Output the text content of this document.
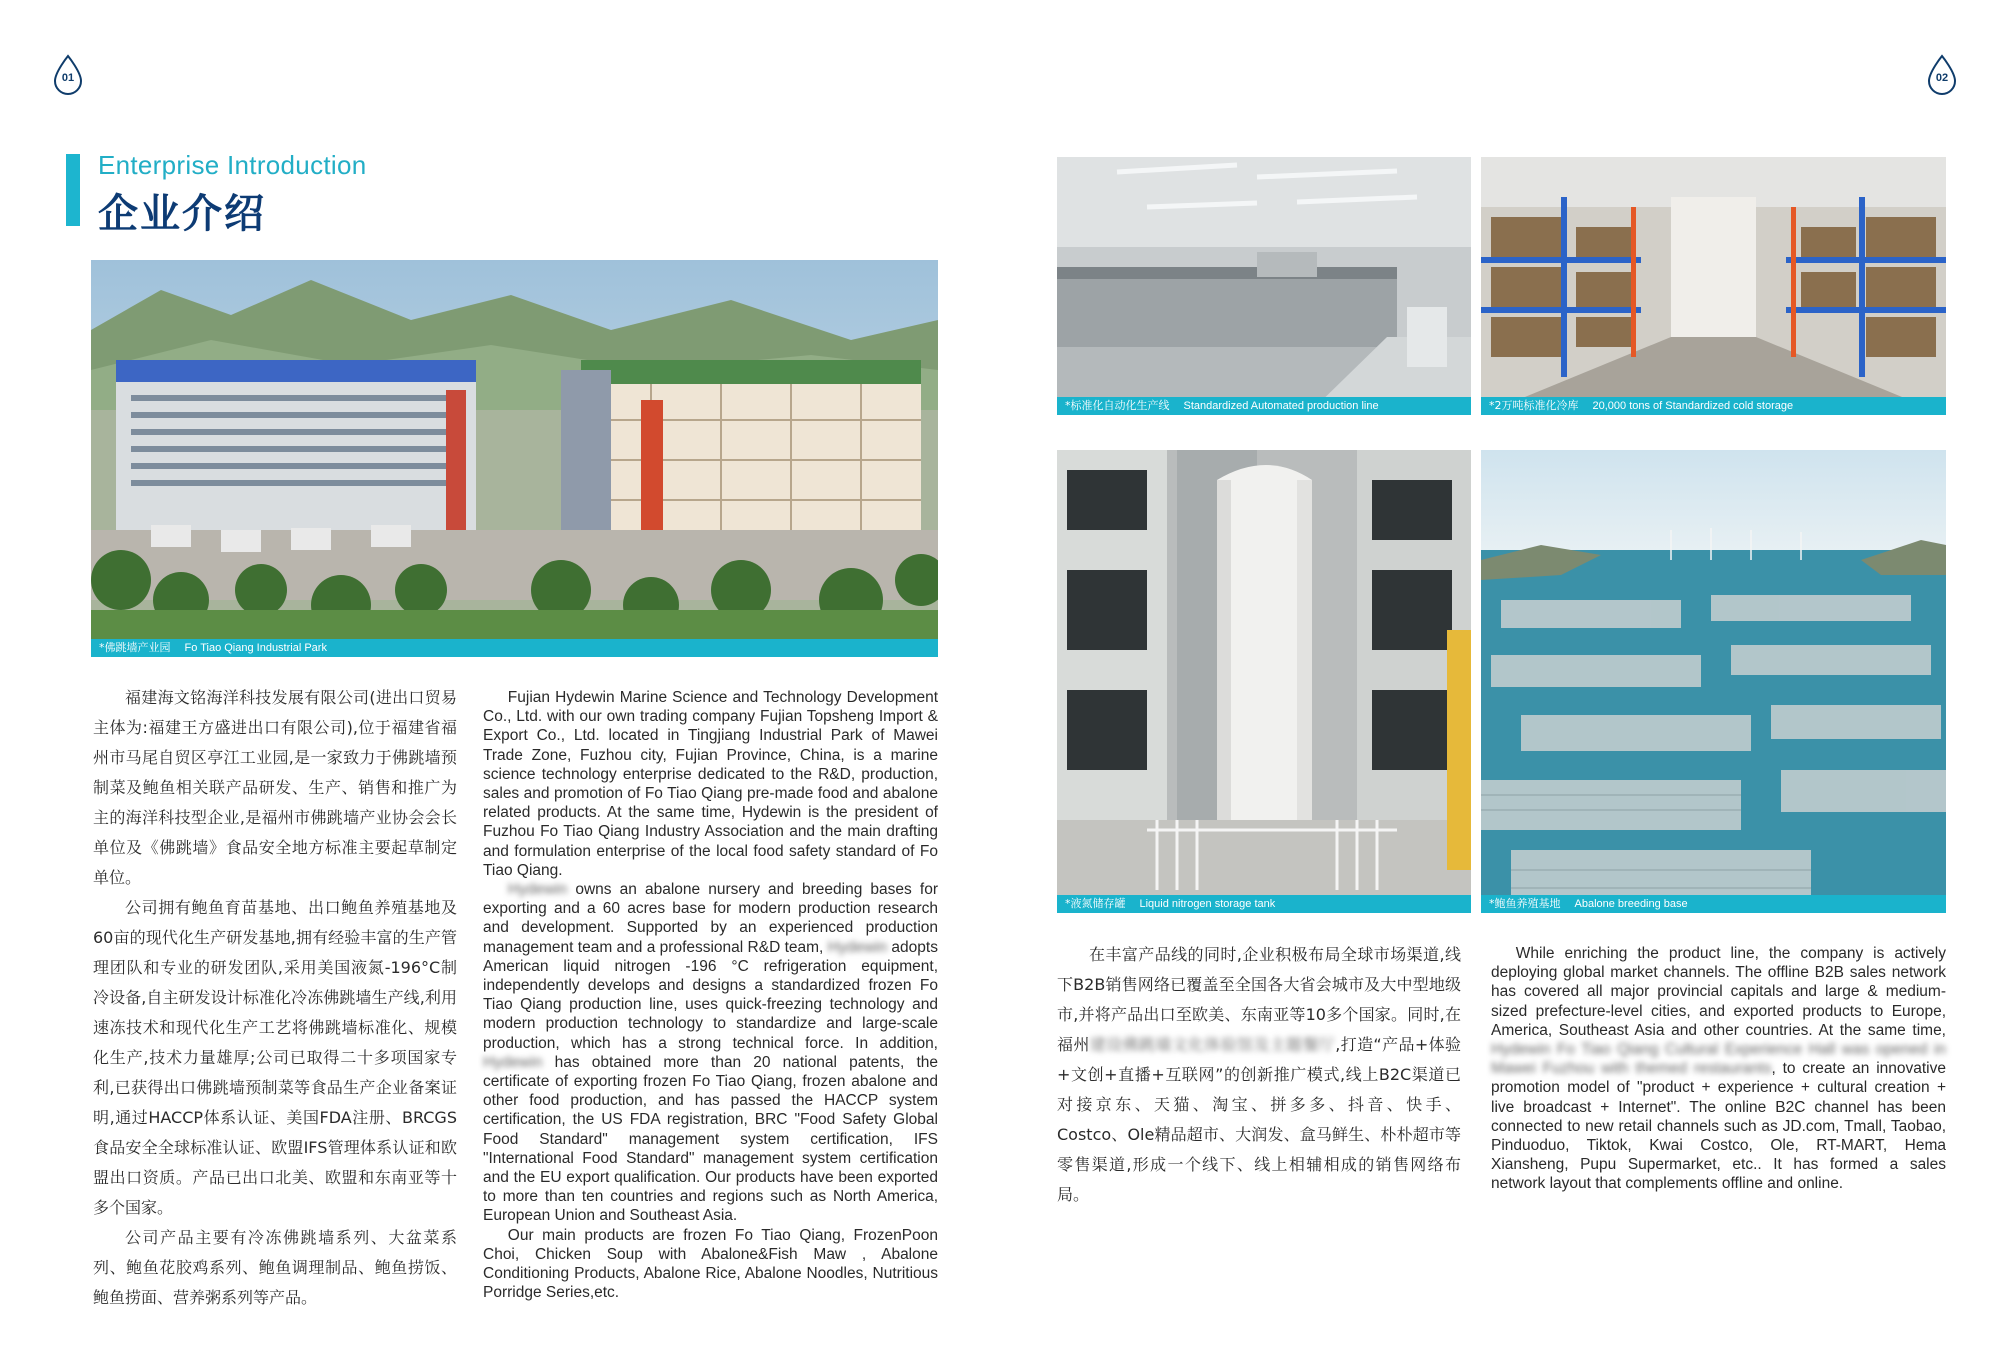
01	02
Enterprise Introduction
企业介绍
*佛跳墙产业园 Fo Tiao Qiang Industrial Park
*标准化自动化生产线 Standardized Automated production line	*2万吨标准化冷库 20,000 tons of Standardized cold storage
*液氮储存罐 Liquid nitrogen storage tank	*鲍鱼养殖基地 Abalone breeding base

福建海文铭海洋科技发展有限公司(进出口贸易主体为:福建王方盛进出口有限公司),位于福建省福州市马尾自贸区亭江工业园,是一家致力于佛跳墙预制菜及鲍鱼相关联产品研发、生产、销售和推广为主的海洋科技型企业,是福州市佛跳墙产业协会会长单位及《佛跳墙》食品安全地方标准主要起草制定单位。

公司拥有鲍鱼育苗基地、出口鲍鱼养殖基地及60亩的现代化生产研发基地,拥有经验丰富的生产管理团队和专业的研发团队,采用美国液氮-196°C制冷设备,自主研发设计标准化冷冻佛跳墙生产线,利用速冻技术和现代化生产工艺将佛跳墙标准化、规模化生产,技术力量雄厚;公司已取得二十多项国家专利,已获得出口佛跳墙预制菜等食品生产企业备案证明,通过HACCP体系认证、美国FDA注册、BRCGS食品安全全球标准认证、欧盟IFS管理体系认证和欧盟出口资质。产品已出口北美、欧盟和东南亚等十多个国家。

公司产品主要有冷冻佛跳墙系列、大盆菜系列、鲍鱼花胶鸡系列、鲍鱼调理制品、鲍鱼捞饭、鲍鱼捞面、营养粥系列等产品。

Fujian Hydewin Marine Science and Technology Development Co., Ltd. with our own trading company Fujian Topsheng Import & Export Co., Ltd. located in Tingjiang Industrial Park of Mawei Trade Zone, Fuzhou city, Fujian Province, China, is a marine science technology enterprise dedicated to the R&D, production, sales and promotion of Fo Tiao Qiang pre-made food and abalone related products. At the same time, Hydewin is the president of Fuzhou Fo Tiao Qiang Industry Association and the main drafting and formulation enterprise of the local food safety standard of Fo Tiao Qiang.

Hydewin owns an abalone nursery and breeding bases for exporting and a 60 acres base for modern production research and development. Supported by an experienced production management team and a professional R&D team, Hydewin adopts American liquid nitrogen -196 °C refrigeration equipment, independently develops and designs a standardized frozen Fo Tiao Qiang production line, uses quick-freezing technology and modern production technology to standardize and large-scale production, which has a strong technical force. In addition, Hydewin has obtained more than 20 national patents, the certificate of exporting frozen Fo Tiao Qiang, frozen abalone and other food production, and has passed the HACCP system certification, the US FDA registration, BRC "Food Safety Global Food Standard" management system certification, IFS "International Food Standard" management system certification and the EU export qualification. Our products have been exported to more than ten countries and regions such as North America, European Union and Southeast Asia.

Our main products are frozen Fo Tiao Qiang, FrozenPoon Choi, Chicken Soup with Abalone&Fish Maw , Abalone Conditioning Products, Abalone Rice, Abalone Noodles, Nutritious Porridge Series,etc.

在丰富产品线的同时,企业积极布局全球市场渠道,线下B2B销售网络已覆盖至全国各大省会城市及大中型地级市,并将产品出口至欧美、东南亚等10多个国家。同时,在福州建设佛跳墙文化体验馆及主题餐厅,打造“产品+体验+文创+直播+互联网”的创新推广模式,线上B2C渠道已对接京东、天猫、淘宝、拼多多、抖音、快手、Costco、Ole精品超市、大润发、盒马鲜生、朴朴超市等零售渠道,形成一个线下、线上相辅相成的销售网络布局。

While enriching the product line, the company is actively deploying global market channels. The offline B2B sales network has covered all major provincial capitals and large & medium-sized prefecture-level cities, and exported products to Europe, America, Southeast Asia and other countries. At the same time, Hydewin Fo Tiao Qiang Cultural Experience Hall was opened in Mawei Fuzhou with themed restaurants, to create an innovative promotion model of "product + experience + cultural creation + live broadcast + Internet". The online B2C channel has been connected to new retail channels such as JD.com, Tmall, Taobao, Pinduoduo, Tiktok, Kwai Costco, Ole, RT-MART, Hema Xiansheng, Pupu Supermarket, etc.. It has formed a sales network layout that complements offline and online.
